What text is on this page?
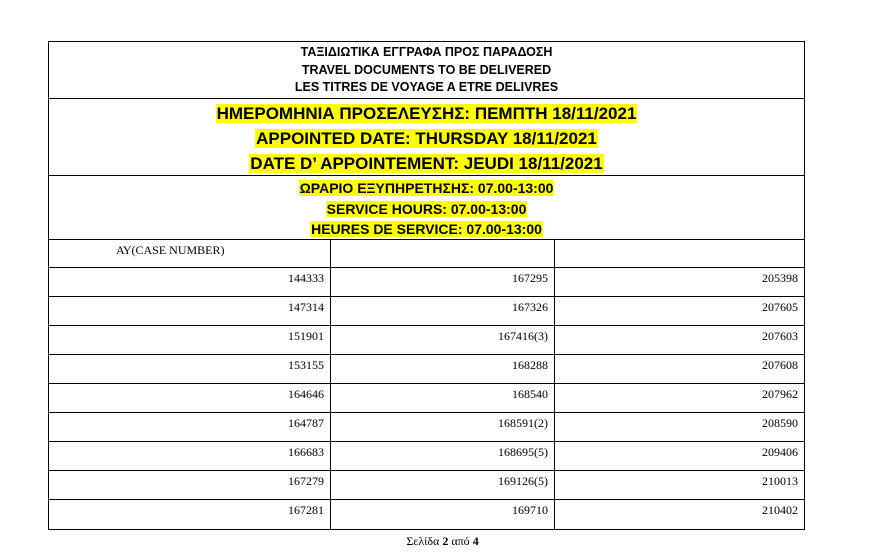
ΤΑΞΙΔΙΩΤΙΚΑ ΕΓΓΡΑΦΑ ΠΡΟΣ ΠΑΡΑΔΟΣΗ
TRAVEL DOCUMENTS TO BE DELIVERED
LES TITRES DE VOYAGE A ETRE DELIVRES
ΗΜΕΡΟΜΗΝΙΑ ΠΡΟΣΕΛΕΥΣΗΣ: ΠΕΜΠΤΗ 18/11/2021
APPOINTED DATE: THURSDAY 18/11/2021
DATE D’ APPOINTEMENT: JEUDI 18/11/2021
ΩΡΑΡΙΟ ΕΞΥΠΗΡΕΤΗΣΗΣ: 07.00-13:00
SERVICE HOURS: 07.00-13:00
HEURES DE SERVICE: 07.00-13:00
ΑΥ(CASE NUMBER)
144333	167295	205398
147314	167326	207605
151901	167416(3)	207603
153155	168288	207608
164646	168540	207962
164787	168591(2)	208590
166683	168695(5)	209406
167279	169126(5)	210013
167281	169710	210402
Σελίδα 2 από 4
